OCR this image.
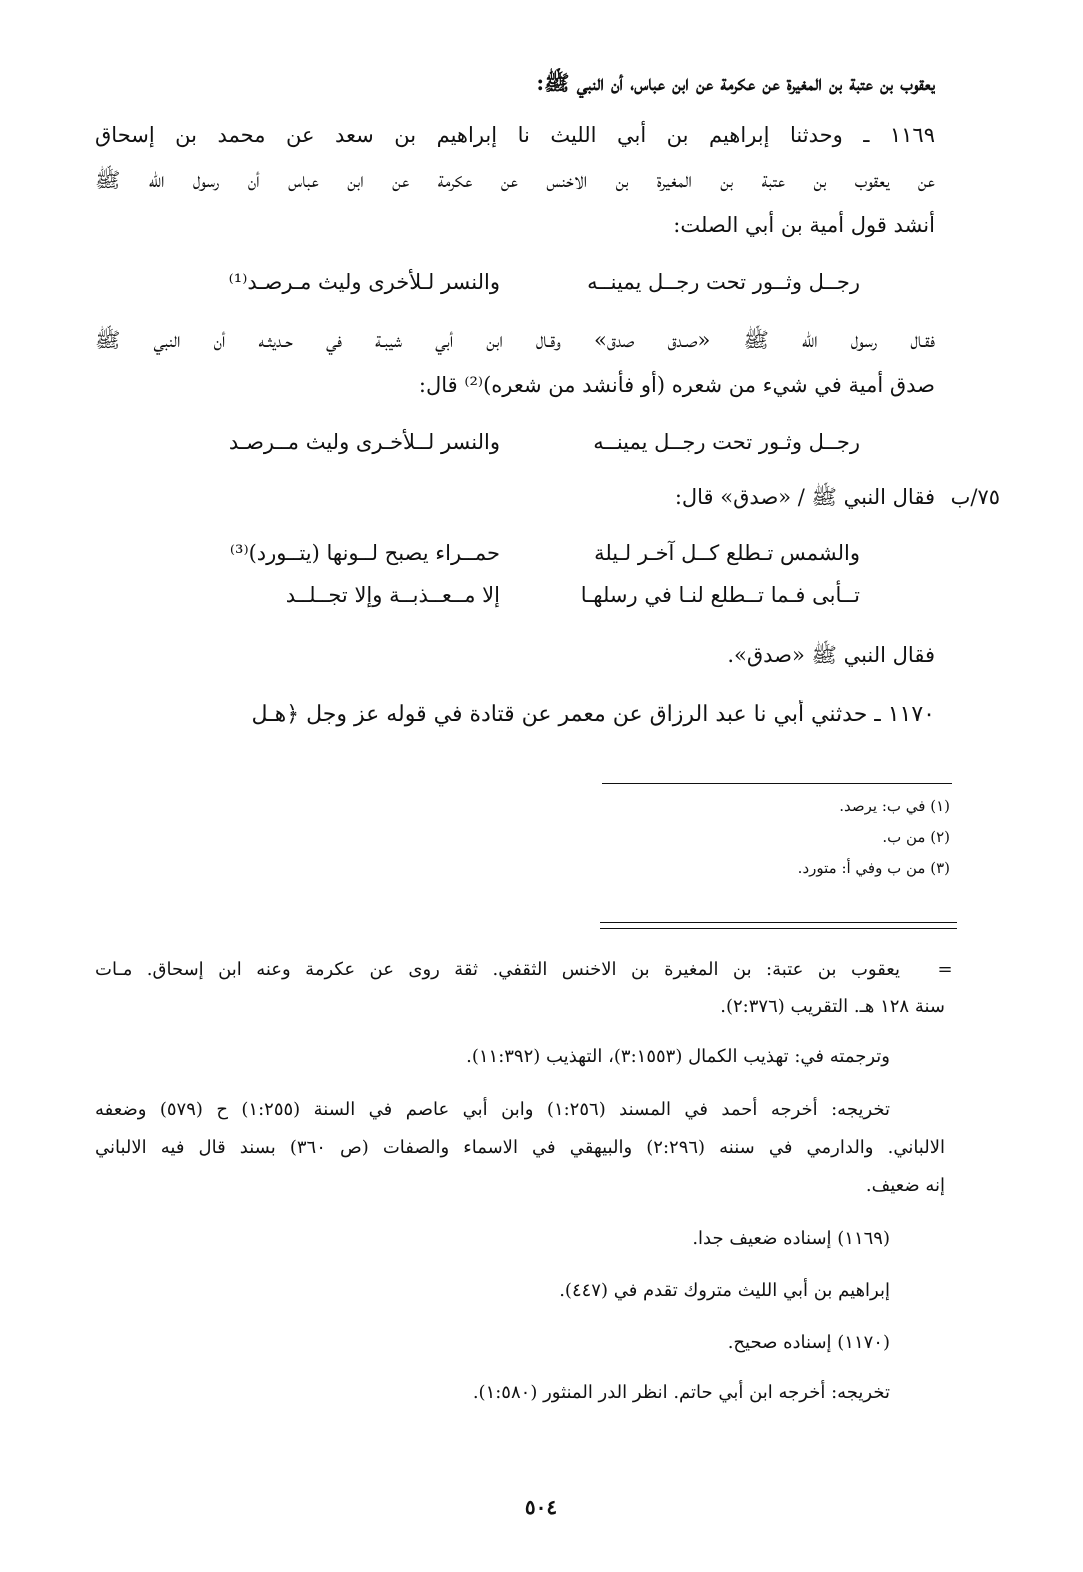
يعقوب بن عتبة بن المغيرة عن عكرمة عن ابن عباس، أن النبي ﷺ:
١١٦٩ ـ وحدثنا إبراهيم بن أبي الليث نا إبراهيم بن سعد عن محمد بن إسحاق
عن يعقوب بن عتبة بن المغيرة بن الاخنس عن عكرمة عن ابن عباس أن رسول اللّه ﷺ
أنشد قول أمية بن أبي الصلت:
رجــل وثــور تحت رجــل يمينــه
والنسر لـلأخرى وليث مـرصـد⁽¹⁾
فقـال رسول اللّه ﷺ «صـدق صدق» وقـال ابن أبي شيبـة في حـديثـه أن النبي ﷺ
صدق أمية في شيء من شعره (أو فأنشد من شعره)⁽²⁾ قال:
رجــل وثـور تحت رجــل يمينــه
والنسر لــلأخـرى وليث مــرصـد
٧٥/ب
فقال النبي ﷺ / «صدق» قال:
والشمس تـطلع كــل آخـر لـيلة
حمــراء يصبح لــونها (يتــورد)⁽³⁾
تــأبى فـما تــطلع لنـا في رسلهـا
إلا مــعــذبــة وإلا تجــلــد
فقال النبي ﷺ «صدق».
١١٧٠ ـ حدثني أبي نا عبد الرزاق عن معمر عن قتادة في قوله عز وجل ﴿هـل
(١) في ب: يرصد.
(٢) من ب.
(٣) من ب وفي أ: متورد.
=
يعقوب بن عتبة: بن المغيرة بن الاخنس الثقفي. ثقة روى عن عكرمة وعنه ابن إسحاق. مـات
سنة ١٢٨ هـ. التقريب (٢:٣٧٦).
وترجمته في: تهذيب الكمال (٣:١٥٥٣)، التهذيب (١١:٣٩٢).
تخريجه: أخرجه أحمد في المسند (١:٢٥٦) وابن أبي عاصم في السنة (١:٢٥٥) ح (٥٧٩) وضعفه
الالباني. والدارمي في سننه (٢:٢٩٦) والبيهقي في الاسماء والصفات (ص ٣٦٠) بسند قال فيه الالباني
إنه ضعيف.
(١١٦٩) إسناده ضعيف جدا.
إبراهيم بن أبي الليث متروك تقدم في (٤٤٧).
(١١٧٠) إسناده صحيح.
تخريجه: أخرجه ابن أبي حاتم. انظر الدر المنثور (١:٥٨٠).
٥٠٤
